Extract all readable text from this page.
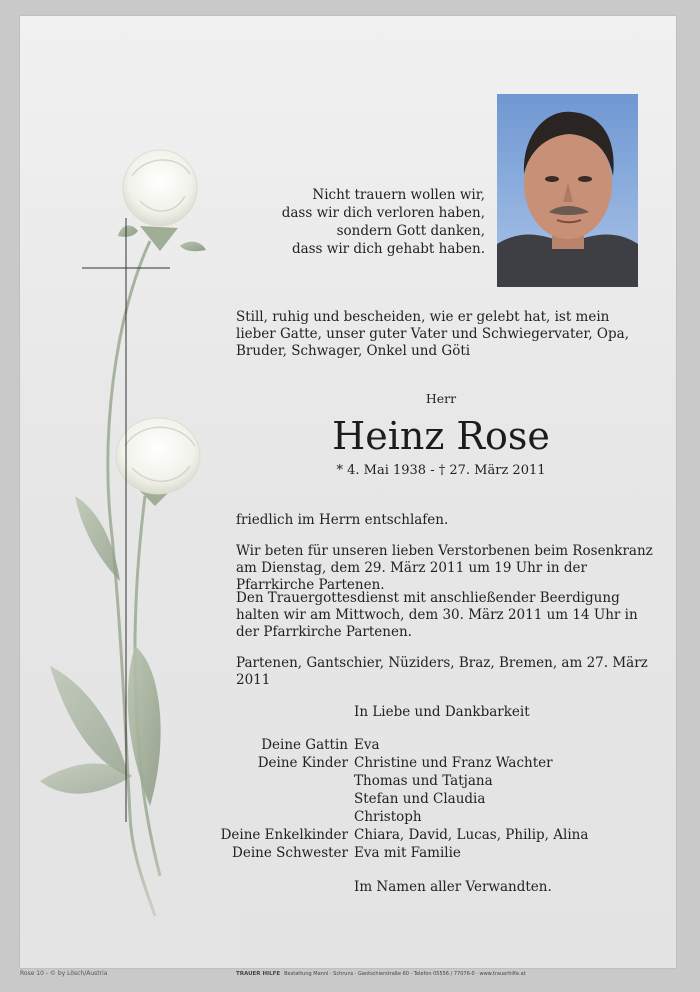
Nicht trauern wollen wir,
dass wir dich verloren haben,
sondern Gott danken,
dass wir dich gehabt haben.
Still, ruhig und bescheiden, wie er gelebt hat, ist mein lieber Gatte, unser guter Vater und Schwiegervater, Opa, Bruder, Schwager, Onkel und Göti
Herr
Heinz Rose
* 4. Mai 1938 - † 27. März 2011
friedlich im Herrn entschlafen.
Wir beten für unseren lieben Verstorbenen beim Rosenkranz am Dienstag, dem 29. März 2011 um 19 Uhr in der Pfarrkirche Partenen.
Den Trauergottesdienst mit anschließender Beerdigung halten wir am Mittwoch, dem 30. März 2011 um 14 Uhr in der Pfarrkirche Partenen.
Partenen, Gantschier, Nüziders, Braz, Bremen, am 27. März 2011
In Liebe und Dankbarkeit
Deine Gattin Eva
Deine Kinder Christine und Franz Wachter
Thomas und Tatjana
Stefan und Claudia
Christoph
Deine Enkelkinder Chiara, David, Lucas, Philip, Alina
Deine Schwester Eva mit Familie
Im Namen aller Verwandten.
Rose 10 - © by Lösch/Austria	TRAUER HILFE Bestattung Mannl · Schruns · Gantschierstraße 60 · Telefon 05556 / 77076-0 · www.trauerhilfe.at
